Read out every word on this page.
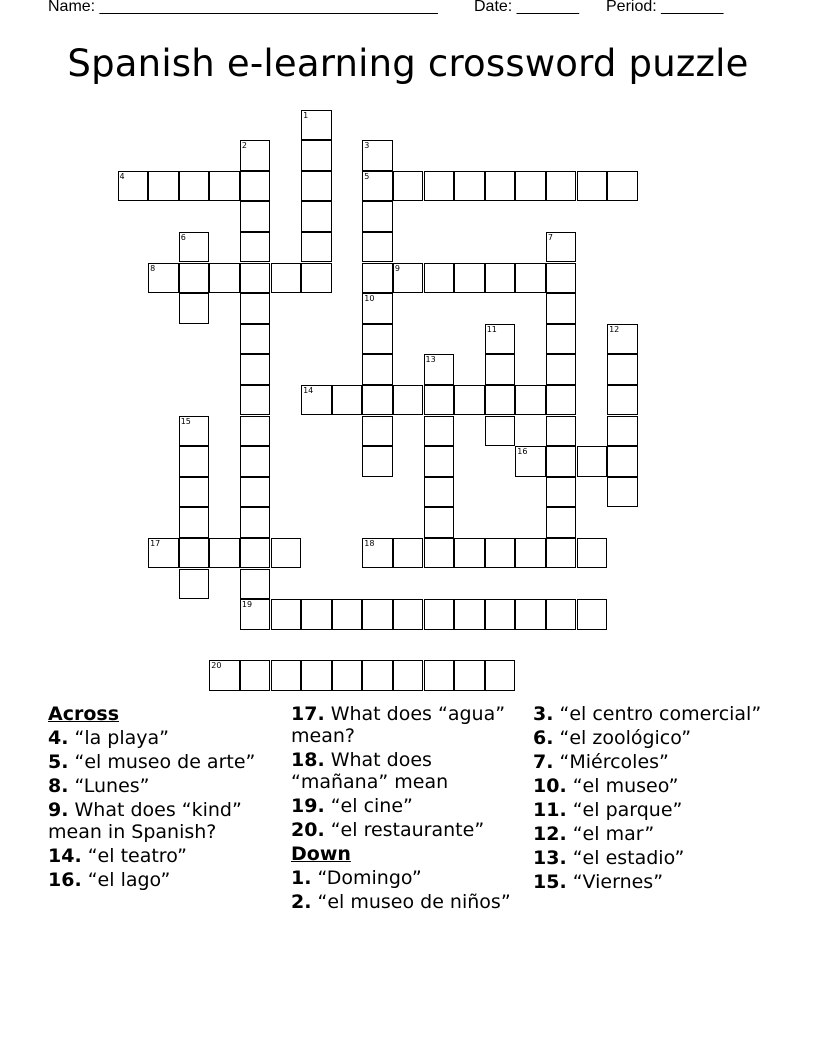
Name: ______________________________________ Date: _______ Period: _______
Spanish e-learning crossword puzzle
1
2
19
3
5
4
6	7
8	9
10
11	12
13
14
15
16
17	18
20
Across
4. “la playa”
5. “el museo de arte”
8. “Lunes”
9. What does “kind” mean in Spanish?
14. “el teatro”
16. “el lago”
17. What does “agua” mean?
18. What does “mañana” mean
19. “el cine”
20. “el restaurante”
Down
1. “Domingo”
2. “el museo de niños”
3. “el centro comercial”
6. “el zoológico”
7. “Miércoles”
10. “el museo”
11. “el parque”
12. “el mar”
13. “el estadio”
15. “Viernes”
